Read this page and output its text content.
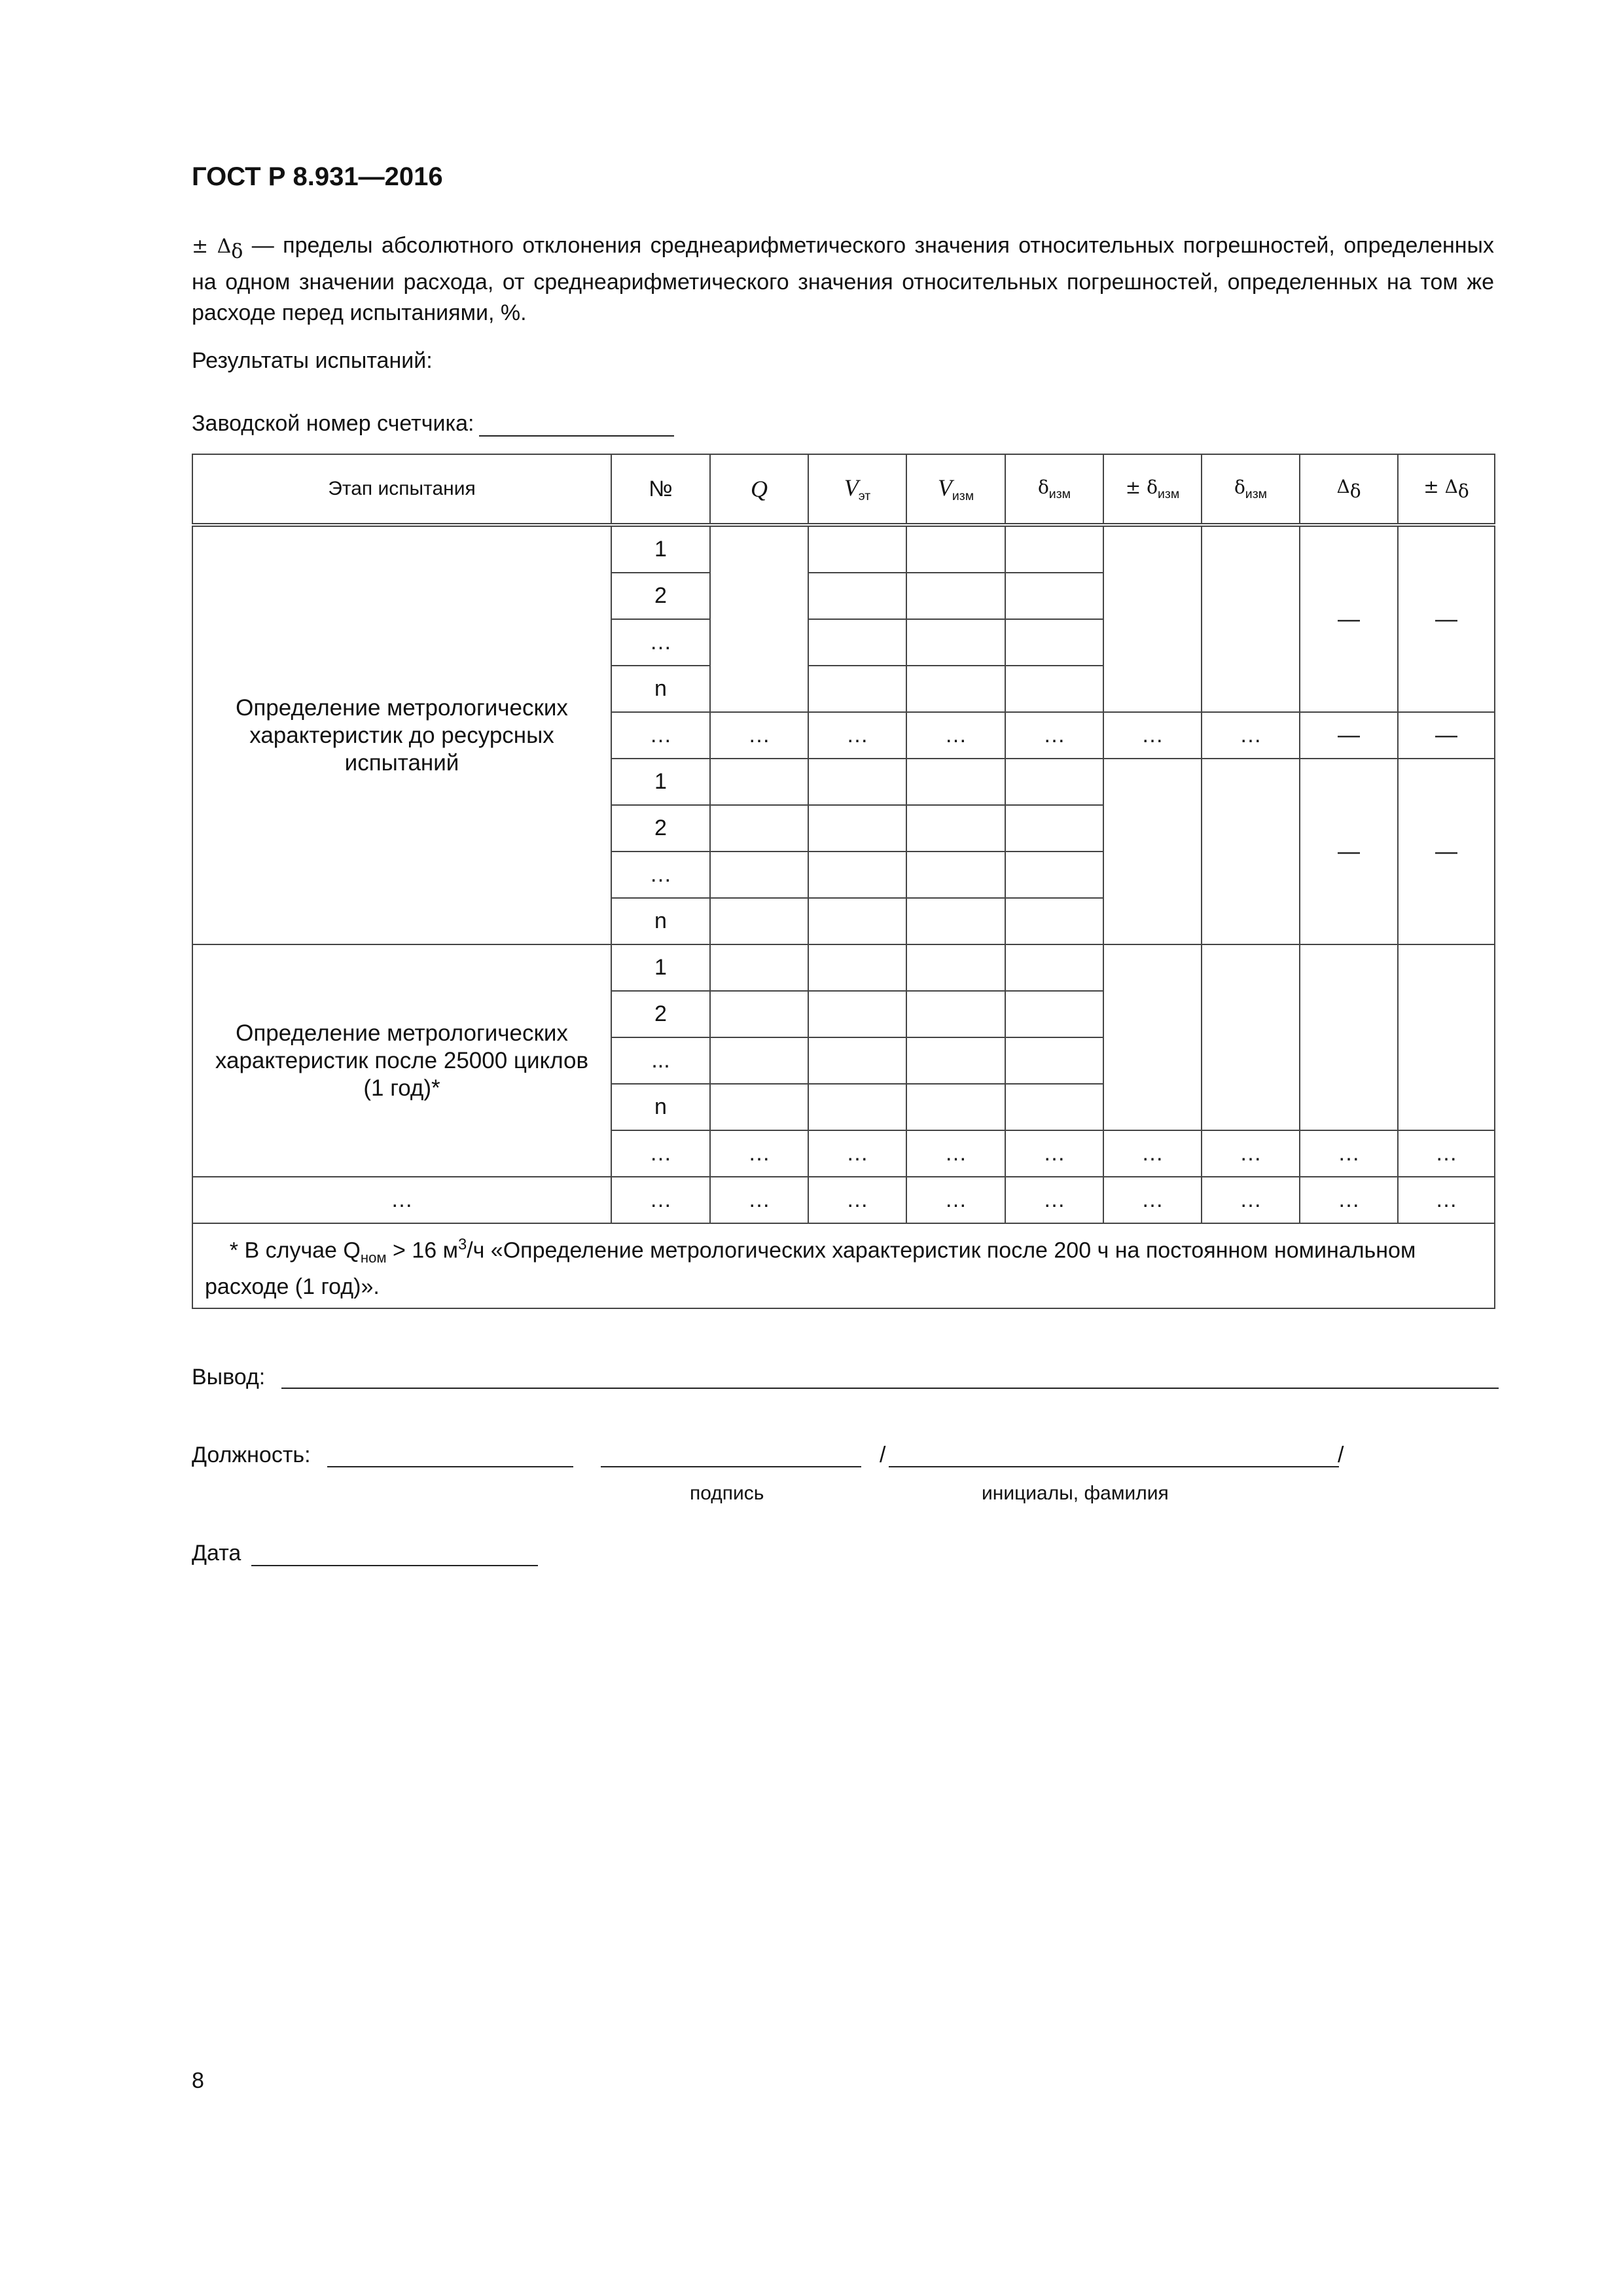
ГОСТ Р 8.931—2016
± $\Delta_\delta$ — пределы абсолютного отклонения среднеарифметического значения относительных погрешностей, определенных на одном значении расхода, от среднеарифметического значения относительных погрешностей, определенных на том же расходе перед испытаниями, %.
Результаты испытаний:
Заводской номер счетчика:
Этап испытания	№	Q	$V_{эт}$	$V_{изм}$	$\delta_{изм}$	± $\delta_{изм}$	$\delta_{изм}$	$\Delta_\delta$	± $\Delta_\delta$
Определение метрологических характеристик до ресурсных испытаний	1							—	—
	2								
	…								
	n								
	…	…	…	…	…	…	…	—	—
	1							—	—
	2								
	…								
	n								
Определение метрологических характеристик после 25000 циклов (1 год)*	1								
	2								
	...								
	n								
	…	…	…	…	…	…	…	…	…
…	…	…	…	…	…	…	…	…	…
* В случае $Q_{ном} > 16$ $м^3/ч$ «Определение метрологических характеристик после 200 ч на постоянном номинальном расходе (1 год)».									
Вывод:
Должность:	/	/
подпись	инициалы, фамилия
Дата
8
